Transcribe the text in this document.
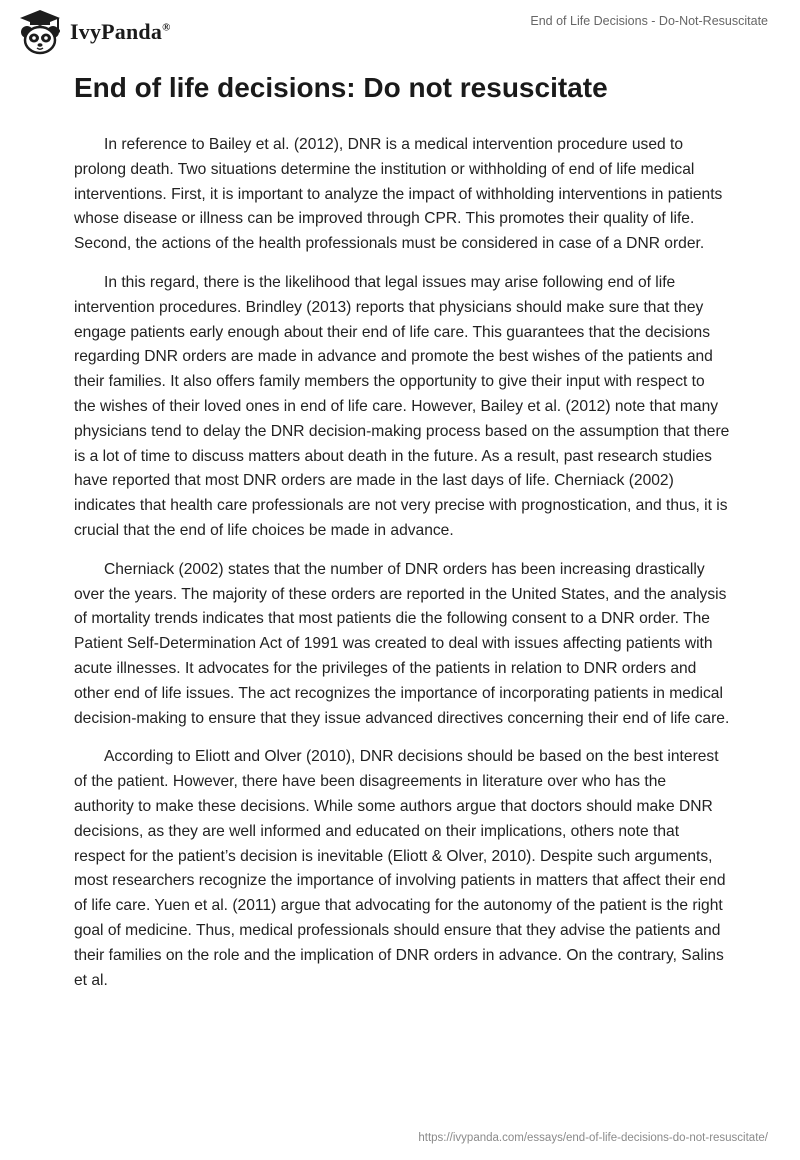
IvyPanda®	End of Life Decisions - Do-Not-Resuscitate
End of life decisions: Do not resuscitate

In reference to Bailey et al. (2012), DNR is a medical intervention procedure used to prolong death. Two situations determine the institution or withholding of end of life medical interventions. First, it is important to analyze the impact of withholding interventions in patients whose disease or illness can be improved through CPR. This promotes their quality of life. Second, the actions of the health professionals must be considered in case of a DNR order.

In this regard, there is the likelihood that legal issues may arise following end of life intervention procedures. Brindley (2013) reports that physicians should make sure that they engage patients early enough about their end of life care. This guarantees that the decisions regarding DNR orders are made in advance and promote the best wishes of the patients and their families. It also offers family members the opportunity to give their input with respect to the wishes of their loved ones in end of life care. However, Bailey et al. (2012) note that many physicians tend to delay the DNR decision-making process based on the assumption that there is a lot of time to discuss matters about death in the future. As a result, past research studies have reported that most DNR orders are made in the last days of life. Cherniack (2002) indicates that health care professionals are not very precise with prognostication, and thus, it is crucial that the end of life choices be made in advance.

Cherniack (2002) states that the number of DNR orders has been increasing drastically over the years. The majority of these orders are reported in the United States, and the analysis of mortality trends indicates that most patients die the following consent to a DNR order. The Patient Self-Determination Act of 1991 was created to deal with issues affecting patients with acute illnesses. It advocates for the privileges of the patients in relation to DNR orders and other end of life issues. The act recognizes the importance of incorporating patients in medical decision-making to ensure that they issue advanced directives concerning their end of life care.

According to Eliott and Olver (2010), DNR decisions should be based on the best interest of the patient. However, there have been disagreements in literature over who has the authority to make these decisions. While some authors argue that doctors should make DNR decisions, as they are well informed and educated on their implications, others note that respect for the patient’s decision is inevitable (Eliott & Olver, 2010). Despite such arguments, most researchers recognize the importance of involving patients in matters that affect their end of life care. Yuen et al. (2011) argue that advocating for the autonomy of the patient is the right goal of medicine. Thus, medical professionals should ensure that they advise the patients and their families on the role and the implication of DNR orders in advance. On the contrary, Salins et al.

https://ivypanda.com/essays/end-of-life-decisions-do-not-resuscitate/
